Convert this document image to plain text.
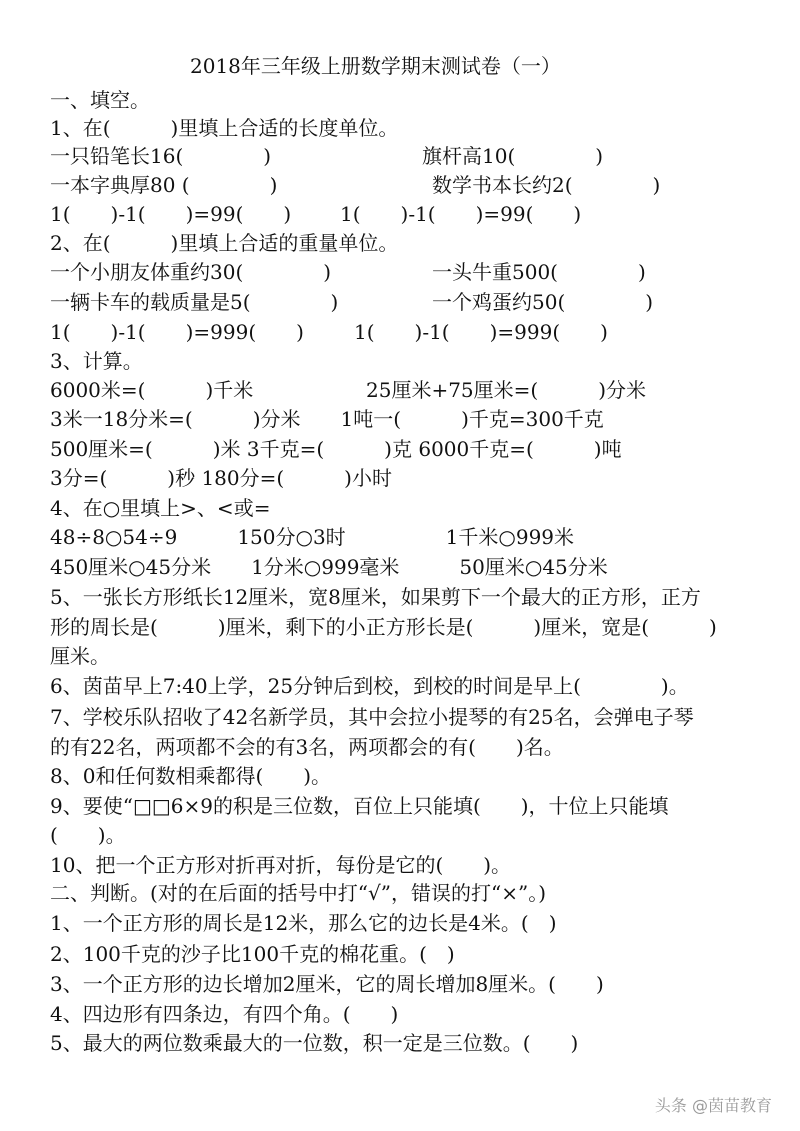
2018年三年级上册数学期末测试卷（一）

一、填空。

1、在(　　　)里填上合适的长度单位。

一只铅笔长16(　　　　)	旗杆高10(　　　　)

一本字典厚80 (　　　　)	数学书本长约2(　　　　)

1(　　)-1(　　)=99(　　) 1(　　)-1(　　)=99(　　)

2、在(　　　)里填上合适的重量单位。

一个小朋友体重约30(　　　　)	一头牛重500(　　　　)

一辆卡车的载质量是5(　　　　)	一个鸡蛋约50(　　　　)

1(　　)-1(　　)=999(　　)	1(　　)-1(　　)=999(　　)

3、计算。

6000米=(　　　)千米	25厘米+75厘米=(　　　)分米

3米一18分米=(　　　)分米　　1吨一(　　　)千克=300千克

500厘米=(　　　)米 3千克=(　　　)克 6000千克=(　　　)吨

3分=(　　　)秒 180分=(　　　)小时

4、在○里填上>、<或=

48÷8○54÷9　　　150分○3时　　　　　1千米○999米

450厘米○45分米　　1分米○999毫米　　　50厘米○45分米

5、一张长方形纸长12厘米，宽8厘米，如果剪下一个最大的正方形，正方

形的周长是(　　　)厘米，剩下的小正方形长是(　　　)厘米，宽是(　　　)

厘米。

6、茵苗早上7:40上学，25分钟后到校，到校的时间是早上(　　　　)。

7、学校乐队招收了42名新学员，其中会拉小提琴的有25名，会弹电子琴

的有22名，两项都不会的有3名，两项都会的有(　　)名。

8、0和任何数相乘都得(　　)。

9、要使“□□6×9的积是三位数，百位上只能填(　　)，十位上只能填

(　　)。

10、把一个正方形对折再对折，每份是它的(　　)。

二、判断。(对的在后面的括号中打“√”，错误的打“×”。)

1、一个正方形的周长是12米，那么它的边长是4米。(　)

2、100千克的沙子比100千克的棉花重。(　)

3、一个正方形的边长增加2厘米，它的周长增加8厘米。(　　)

4、四边形有四条边，有四个角。(　　)

5、最大的两位数乘最大的一位数，积一定是三位数。(　　)

头条 @茵苗教育
